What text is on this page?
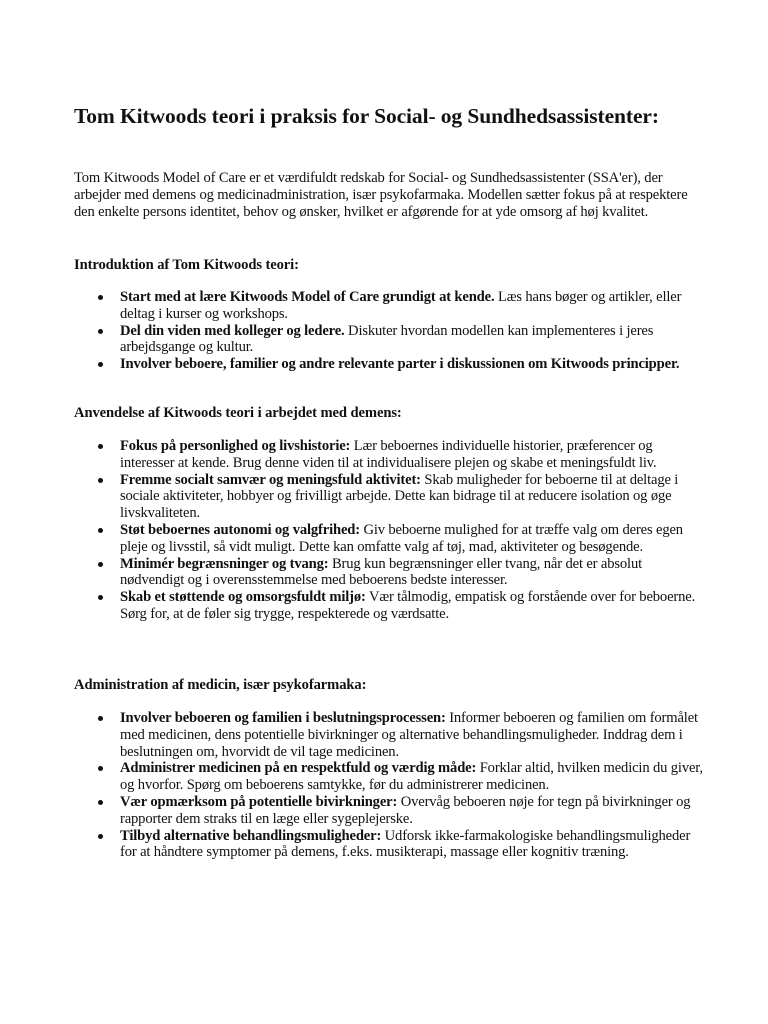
Tom Kitwoods teori i praksis for Social- og Sundhedsassistenter:

Tom Kitwoods Model of Care er et værdifuldt redskab for Social- og Sundhedsassistenter (SSA'er), der arbejder med demens og medicinadministration, især psykofarmaka. Modellen sætter fokus på at respektere den enkelte persons identitet, behov og ønsker, hvilket er afgørende for at yde omsorg af høj kvalitet.

Introduktion af Tom Kitwoods teori:
Start med at lære Kitwoods Model of Care grundigt at kende. Læs hans bøger og artikler, eller deltag i kurser og workshops.
Del din viden med kolleger og ledere. Diskuter hvordan modellen kan implementeres i jeres arbejdsgange og kultur.
Involver beboere, familier og andre relevante parter i diskussionen om Kitwoods principper.
Anvendelse af Kitwoods teori i arbejdet med demens:
Fokus på personlighed og livshistorie: Lær beboernes individuelle historier, præferencer og interesser at kende. Brug denne viden til at individualisere plejen og skabe et meningsfuldt liv.
Fremme socialt samvær og meningsfuld aktivitet: Skab muligheder for beboerne til at deltage i sociale aktiviteter, hobbyer og frivilligt arbejde. Dette kan bidrage til at reducere isolation og øge livskvaliteten.
Støt beboernes autonomi og valgfrihed: Giv beboerne mulighed for at træffe valg om deres egen pleje og livsstil, så vidt muligt. Dette kan omfatte valg af tøj, mad, aktiviteter og besøgende.
Minimér begrænsninger og tvang: Brug kun begrænsninger eller tvang, når det er absolut nødvendigt og i overensstemmelse med beboerens bedste interesser.
Skab et støttende og omsorgsfuldt miljø: Vær tålmodig, empatisk og forstående over for beboerne. Sørg for, at de føler sig trygge, respekterede og værdsatte.
Administration af medicin, især psykofarmaka:
Involver beboeren og familien i beslutningsprocessen: Informer beboeren og familien om formålet med medicinen, dens potentielle bivirkninger og alternative behandlingsmuligheder. Inddrag dem i beslutningen om, hvorvidt de vil tage medicinen.
Administrer medicinen på en respektfuld og værdig måde: Forklar altid, hvilken medicin du giver, og hvorfor. Spørg om beboerens samtykke, før du administrerer medicinen.
Vær opmærksom på potentielle bivirkninger: Overvåg beboeren nøje for tegn på bivirkninger og rapporter dem straks til en læge eller sygeplejerske.
Tilbyd alternative behandlingsmuligheder: Udforsk ikke-farmakologiske behandlingsmuligheder for at håndtere symptomer på demens, f.eks. musikterapi, massage eller kognitiv træning.
